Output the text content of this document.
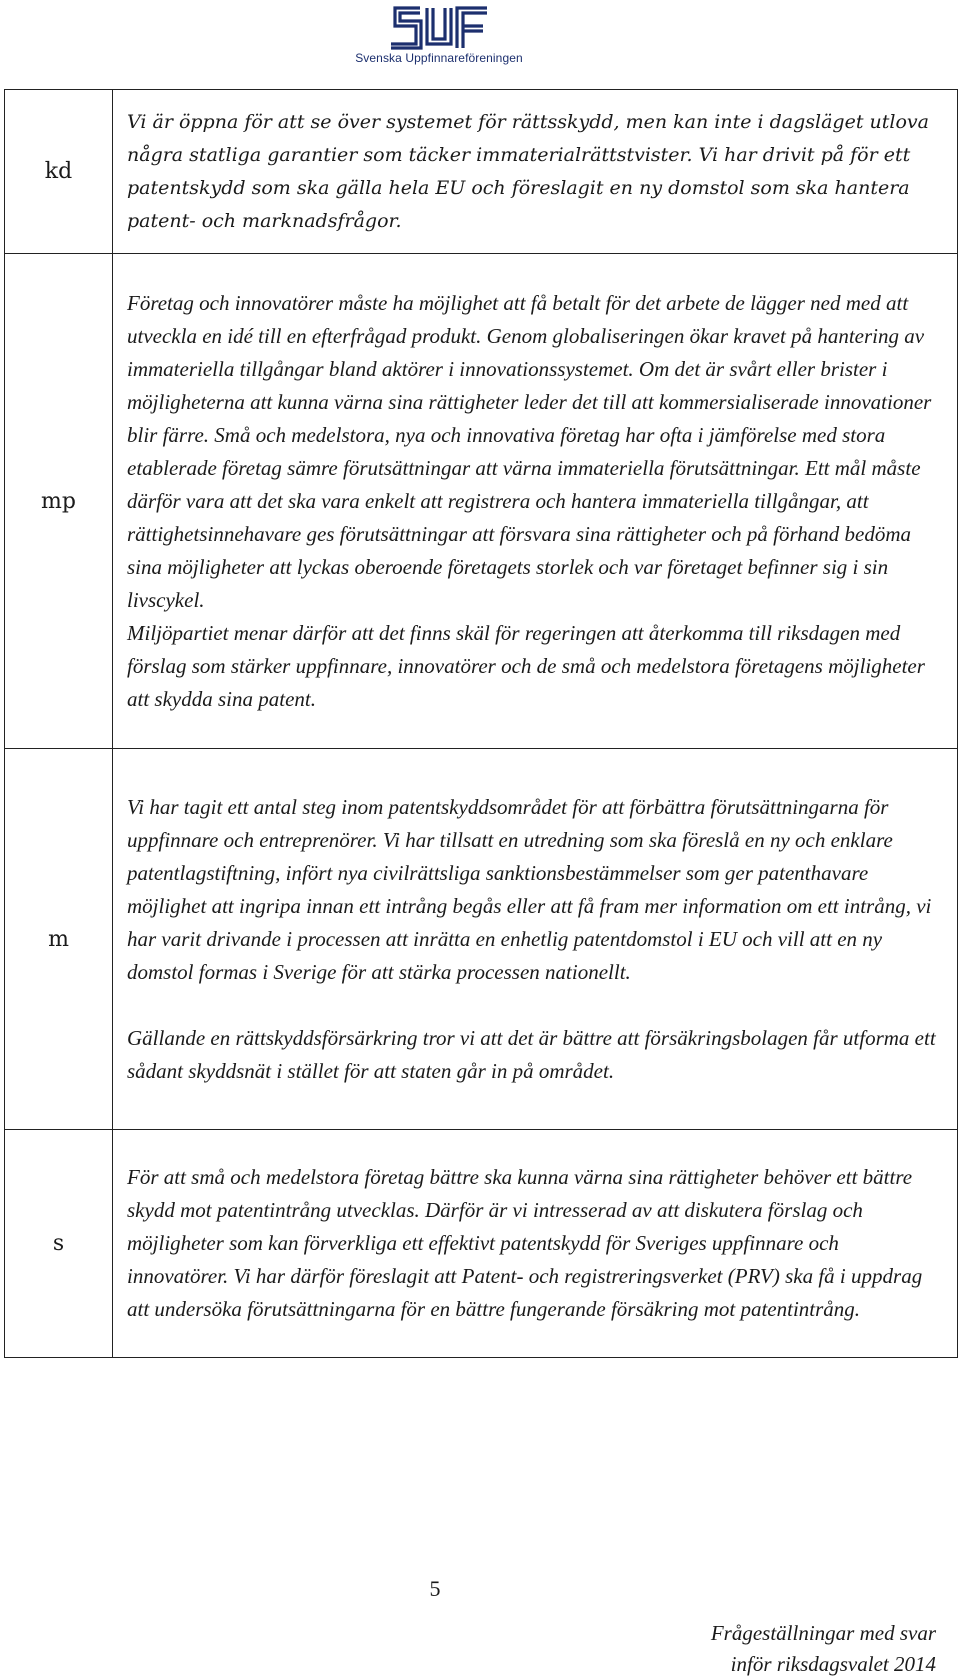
Svenska Uppfinnareföreningen
kd	Vi är öppna för att se över systemet för rättsskydd, men kan inte i dagsläget utlova några statliga garantier som täcker immaterialrättstvister. Vi har drivit på för ett patentskydd som ska gälla hela EU och föreslagit en ny domstol som ska hantera patent- och marknadsfrågor.

mp	Företag och innovatörer måste ha möjlighet att få betalt för det arbete de lägger ned med att utveckla en idé till en efterfrågad produkt. Genom globaliseringen ökar kravet på hantering av immateriella tillgångar bland aktörer i innovationssystemet. Om det är svårt eller brister i möjligheterna att kunna värna sina rättigheter leder det till att kommersialiserade innovationer blir färre. Små och medelstora, nya och innovativa företag har ofta i jämförelse med stora etablerade företag sämre förutsättningar att värna immateriella förutsättningar. Ett mål måste därför vara att det ska vara enkelt att registrera och hantera immateriella tillgångar, att rättighetsinnehavare ges förutsättningar att försvara sina rättigheter och på förhand bedöma sina möjligheter att lyckas oberoende företagets storlek och var företaget befinner sig i sin livscykel.

Miljöpartiet menar därför att det finns skäl för regeringen att återkomma till riksdagen med förslag som stärker uppfinnare, innovatörer och de små och medelstora företagens möjligheter att skydda sina patent.

m	Vi har tagit ett antal steg inom patentskyddsområdet för att förbättra förutsättningarna för uppfinnare och entreprenörer. Vi har tillsatt en utredning som ska föreslå en ny och enklare patentlagstiftning, infört nya civilrättsliga sanktionsbestämmelser som ger patenthavare möjlighet att ingripa innan ett intrång begås eller att få fram mer information om ett intrång, vi har varit drivande i processen att inrätta en enhetlig patentdomstol i EU och vill att en ny domstol formas i Sverige för att stärka processen nationellt.

Gällande en rättskyddsförsärkring tror vi att det är bättre att försäkringsbolagen får utforma ett sådant skyddsnät i stället för att staten går in på området.

s	För att små och medelstora företag bättre ska kunna värna sina rättigheter behöver ett bättre skydd mot patentintrång utvecklas. Därför är vi intresserad av att diskutera förslag och möjligheter som kan förverkliga ett effektivt patentskydd för Sveriges uppfinnare och innovatörer. Vi har därför föreslagit att Patent- och registreringsverket (PRV) ska få i uppdrag att undersöka förutsättningarna för en bättre fungerande försäkring mot patentintrång.

5
Frågeställningar med svar
inför riksdagsvalet 2014
